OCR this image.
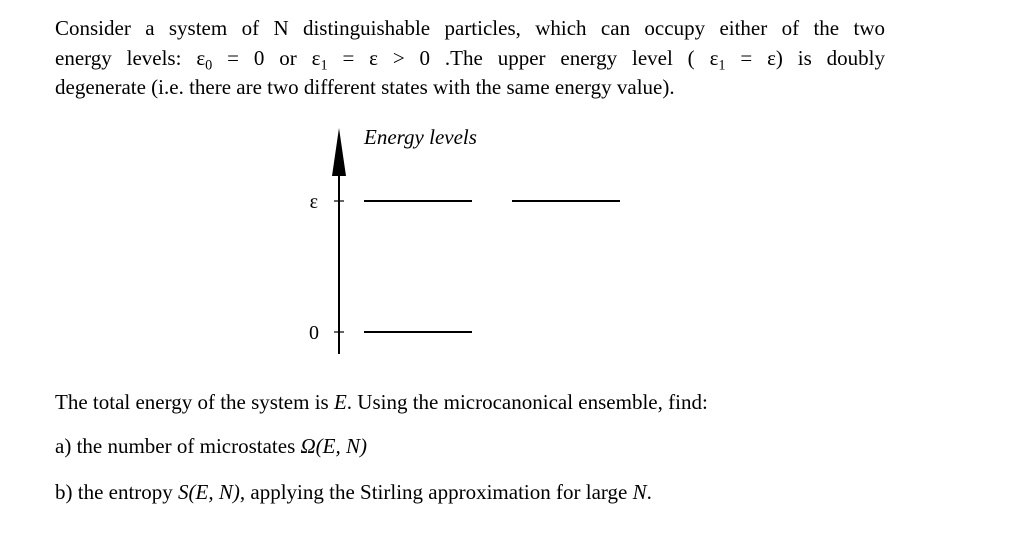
Consider a system of N distinguishable particles, which can occupy either of the two
energy levels: $\varepsilon_0 = 0$ or $\varepsilon_1 = \varepsilon > 0$ .The upper energy level ( $\varepsilon_1 = \varepsilon$) is doubly
degenerate (i.e. there are two different states with the same energy value).
Energy levels
ε
0

The total energy of the system is E. Using the microcanonical ensemble, find:

a) the number of microstates Ω(E, N)

b) the entropy S(E, N), applying the Stirling approximation for large N.
